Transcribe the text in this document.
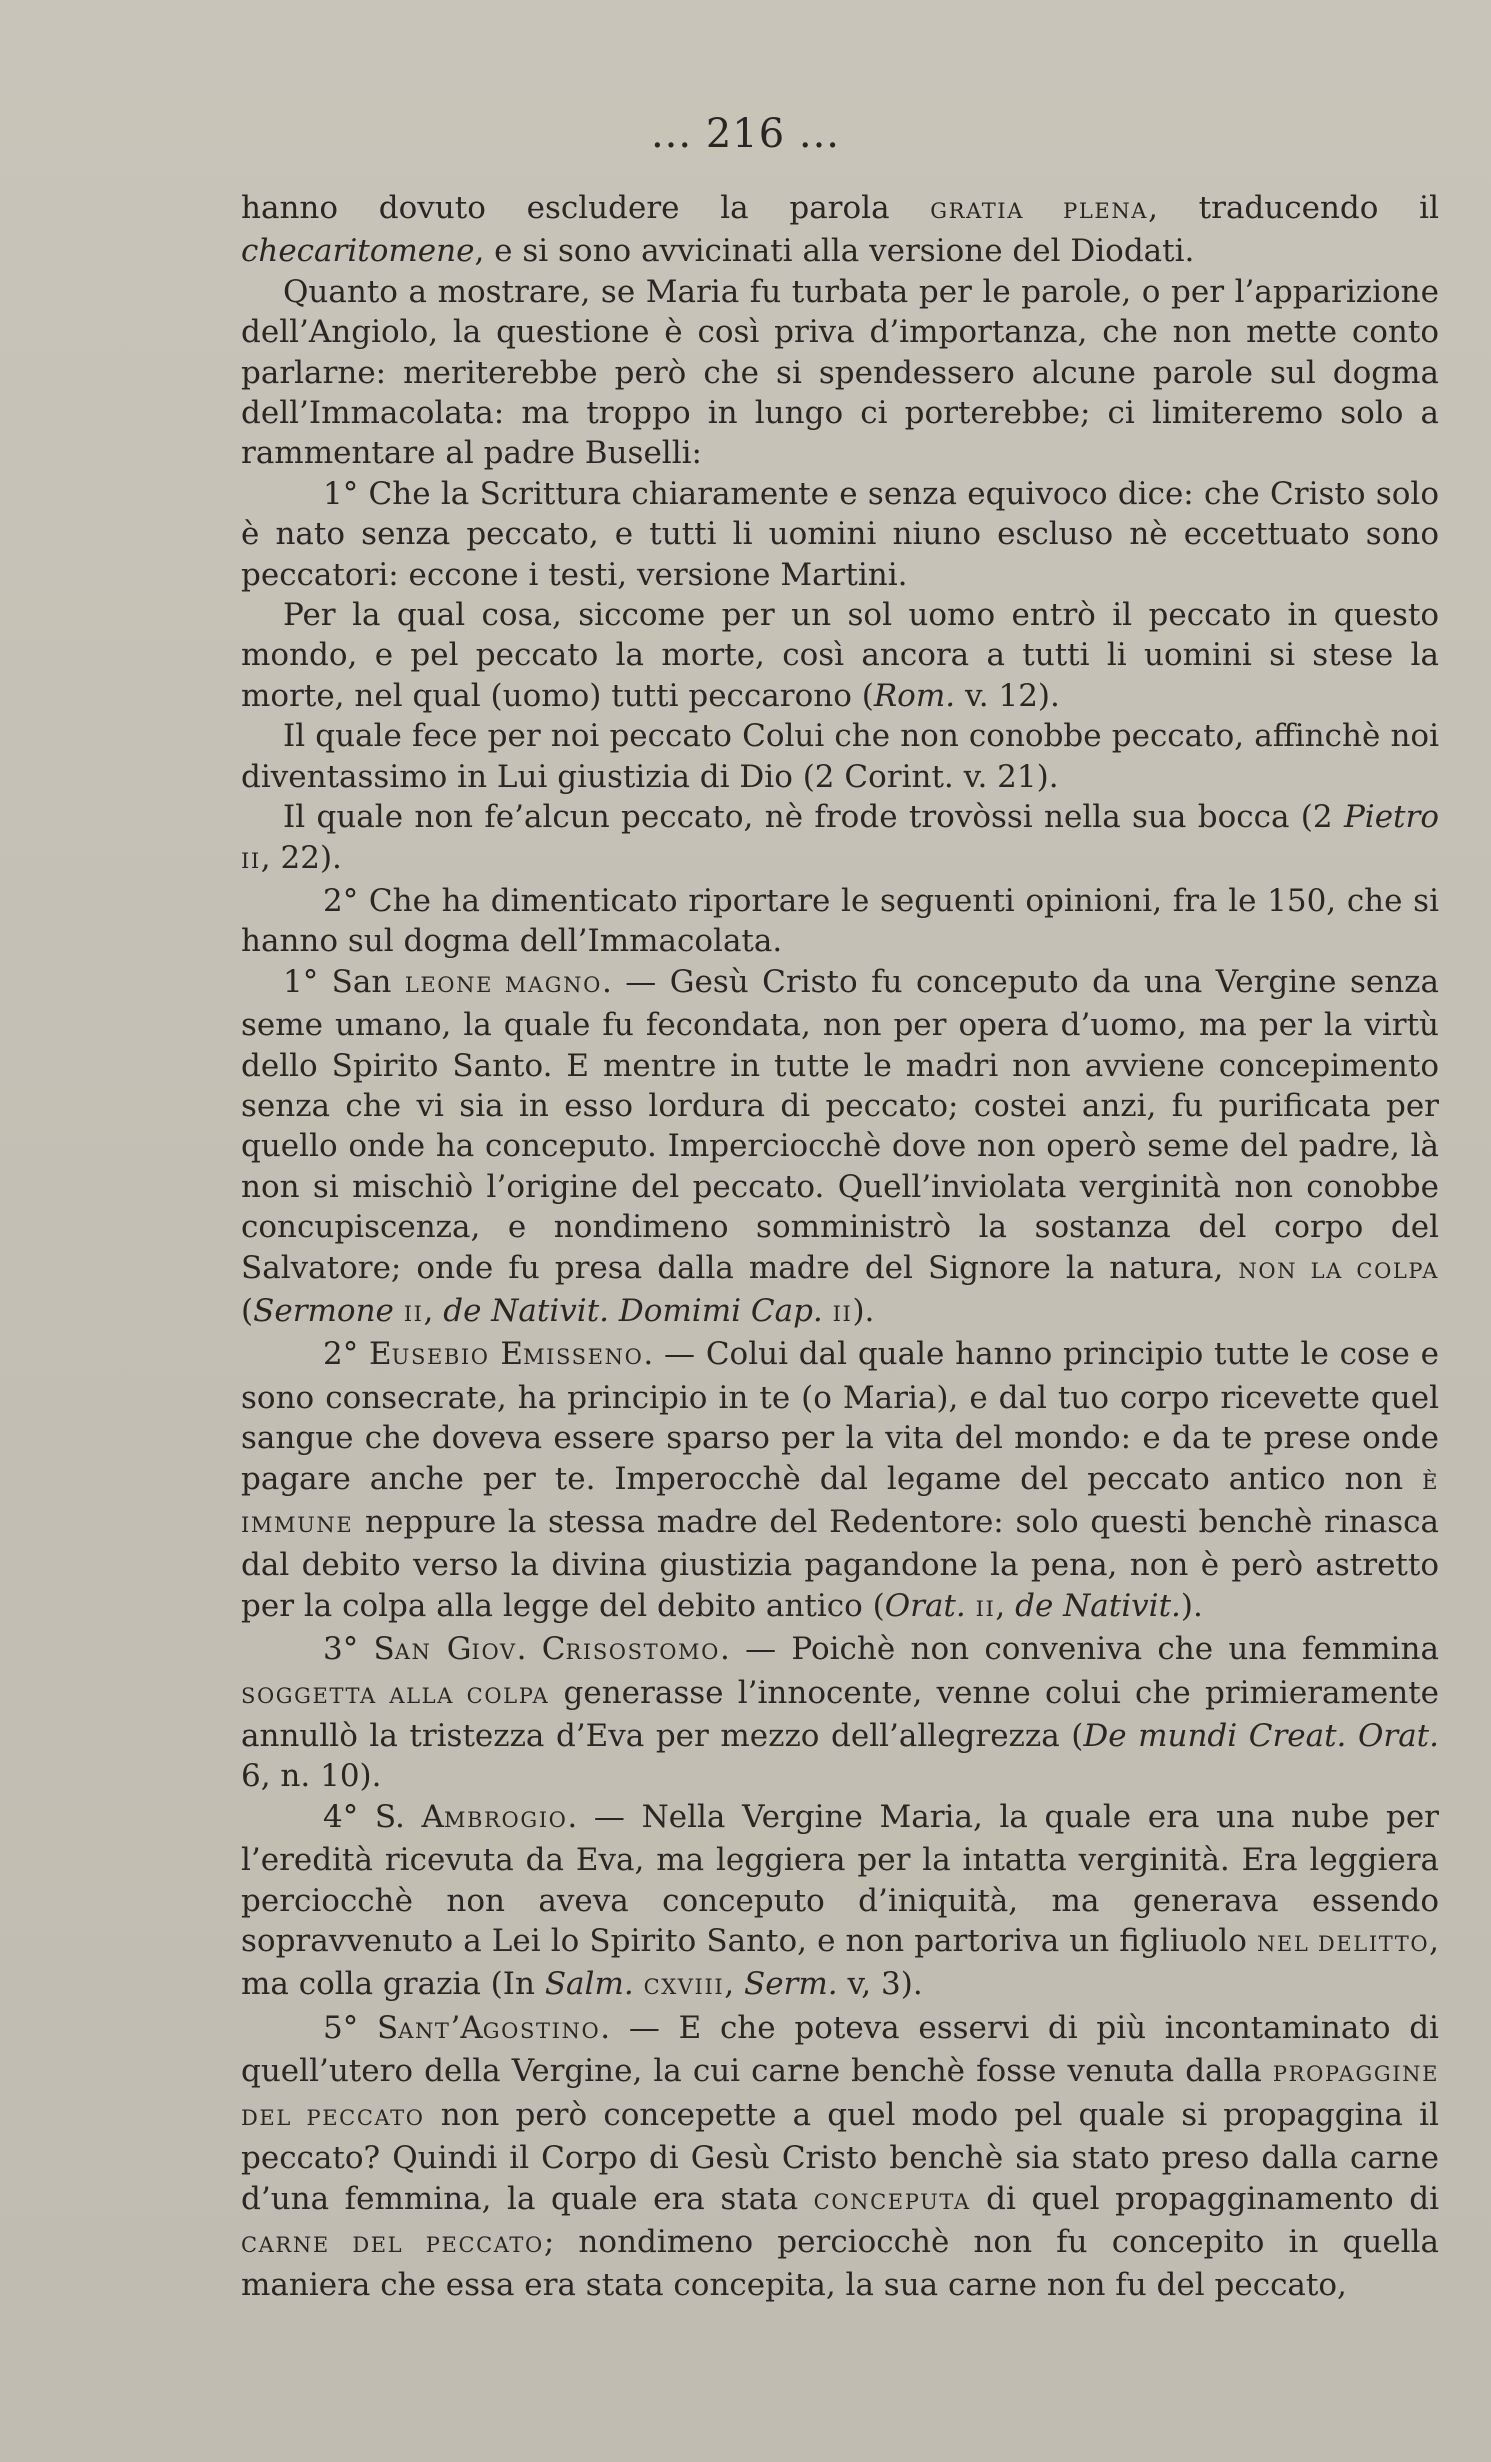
... 216 ...

hanno dovuto escludere la parola GRATIA PLENA, traducendo il checaritomene, e si sono avvicinati alla versione del Diodati.

Quanto a mostrare, se Maria fu turbata per le parole, o per l’apparizione dell’Angiolo, la questione è così priva d’importanza, che non mette conto parlarne: meriterebbe però che si spendessero alcune parole sul dogma dell’Immacolata: ma troppo in lungo ci porterebbe; ci limiteremo solo a rammentare al padre Buselli:

1° Che la Scrittura chiaramente e senza equivoco dice: che Cristo solo è nato senza peccato, e tutti li uomini niuno escluso nè eccettuato sono peccatori: eccone i testi, versione Martini.

Per la qual cosa, siccome per un sol uomo entrò il peccato in questo mondo, e pel peccato la morte, così ancora a tutti li uomini si stese la morte, nel qual (uomo) tutti peccarono (Rom. v. 12).

Il quale fece per noi peccato Colui che non conobbe peccato, affinchè noi diventassimo in Lui giustizia di Dio (2 Corint. v. 21).

Il quale non fe’alcun peccato, nè frode trovòssi nella sua bocca (2 Pietro II, 22).

2° Che ha dimenticato riportare le seguenti opinioni, fra le 150, che si hanno sul dogma dell’Immacolata.

1° San LEONE MAGNO. — Gesù Cristo fu conceputo da una Vergine senza seme umano, la quale fu fecondata, non per opera d’uomo, ma per la virtù dello Spirito Santo. E mentre in tutte le madri non avviene concepimento senza che vi sia in esso lordura di peccato; costei anzi, fu purificata per quello onde ha conceputo. Imperciocchè dove non operò seme del padre, là non si mischiò l’origine del peccato. Quell’inviolata verginità non conobbe concupiscenza, e nondimeno somministrò la sostanza del corpo del Salvatore; onde fu presa dalla madre del Signore la natura, NON LA COLPA (Sermone II, de Nativit. Domimi Cap. II).

2° EUSEBIO EMISSENO. — Colui dal quale hanno principio tutte le cose e sono consecrate, ha principio in te (o Maria), e dal tuo corpo ricevette quel sangue che doveva essere sparso per la vita del mondo: e da te prese onde pagare anche per te. Imperocchè dal legame del peccato antico non È IMMUNE neppure la stessa madre del Redentore: solo questi benchè rinasca dal debito verso la divina giustizia pagandone la pena, non è però astretto per la colpa alla legge del debito antico (Orat. II, de Nativit.).

3° SAN GIOV. CRISOSTOMO. — Poichè non conveniva che una femmina SOGGETTA ALLA COLPA generasse l’innocente, venne colui che primieramente annullò la tristezza d’Eva per mezzo dell’allegrezza (De mundi Creat. Orat. 6, n. 10).

4° S. AMBROGIO. — Nella Vergine Maria, la quale era una nube per l’eredità ricevuta da Eva, ma leggiera per la intatta verginità. Era leggiera perciocchè non aveva conceputo d’iniquità, ma generava essendo sopravvenuto a Lei lo Spirito Santo, e non partoriva un figliuolo NEL DELITTO, ma colla grazia (In Salm. CXVIII, Serm. v, 3).

5° SANT’AGOSTINO. — E che poteva esservi di più incontaminato di quell’utero della Vergine, la cui carne benchè fosse venuta dalla PROPAGGINE DEL PECCATO non però concepette a quel modo pel quale si propaggina il peccato? Quindi il Corpo di Gesù Cristo benchè sia stato preso dalla carne d’una femmina, la quale era stata CONCEPUTA di quel propagginamento di CARNE DEL PECCATO; nondimeno perciocchè non fu concepito in quella maniera che essa era stata concepita, la sua carne non fu del peccato,
